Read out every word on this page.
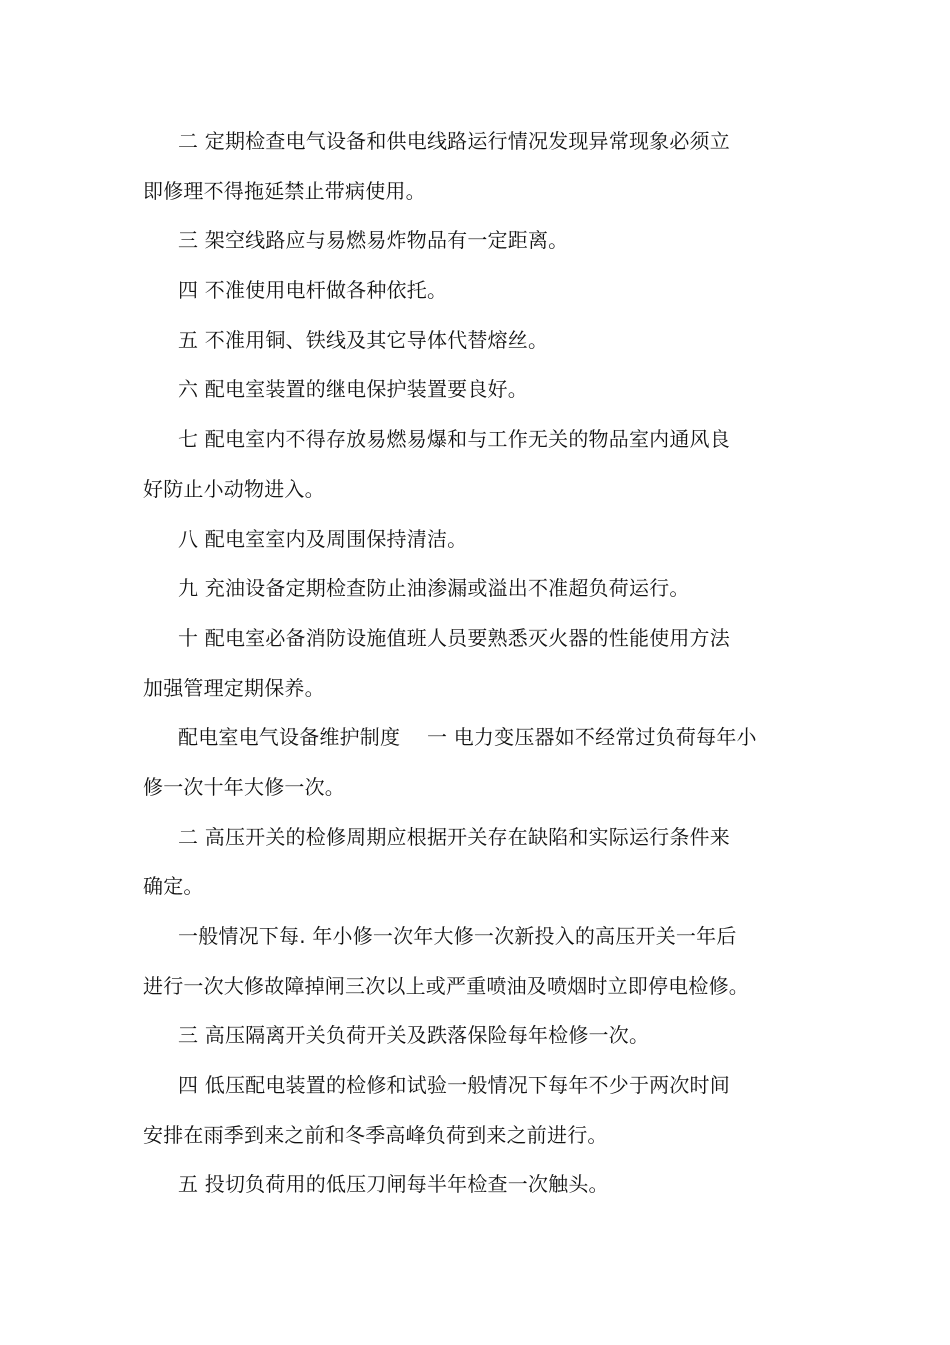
二 定期检查电气设备和供电线路运行情况发现异常现象必须立
即修理不得拖延禁止带病使用。
三 架空线路应与易燃易炸物品有一定距离。
四 不准使用电杆做各种依托。
五 不准用铜、铁线及其它导体代替熔丝。
六 配电室装置的继电保护装置要良好。
七 配电室内不得存放易燃易爆和与工作无关的物品室内通风良
好防止小动物进入。
八 配电室室内及周围保持清洁。
九 充油设备定期检查防止油渗漏或溢出不准超负荷运行。
十 配电室必备消防设施值班人员要熟悉灭火器的性能使用方法
加强管理定期保养。
配电室电气设备维护制度　 一 电力变压器如不经常过负荷每年小
修一次十年大修一次。
二 高压开关的检修周期应根据开关存在缺陷和实际运行条件来
确定。
一般情况下每. 年小修一次年大修一次新投入的高压开关一年后
进行一次大修故障掉闸三次以上或严重喷油及喷烟时立即停电检修。
三 高压隔离开关负荷开关及跌落保险每年检修一次。
四 低压配电装置的检修和试验一般情况下每年不少于两次时间
安排在雨季到来之前和冬季高峰负荷到来之前进行。
五 投切负荷用的低压刀闸每半年检查一次触头。
